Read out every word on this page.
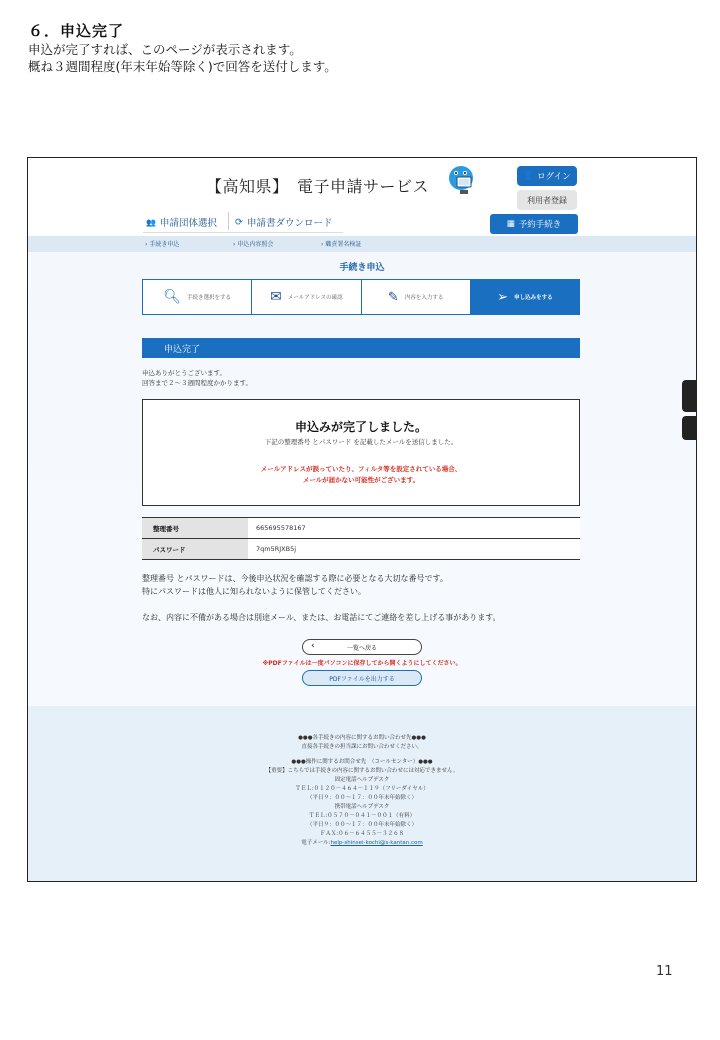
６．申込完了
申込が完了すれば、このページが表示されます。
概ね３週間程度(年末年始等除く)で回答を送付します。
【高知県】　電子申請サービス
👤 ログイン
利用者登録
👥 申請団体選択 ⟳ 申請書ダウンロード	▦ 予約手続き
› 手続き申込	› 申込内容照会	› 職責署名検証
手続き申込
🔍︎ 手続き選択をする	✉ メールアドレスの確認	✎ 内容を入力する	➢ 申し込みをする
申込完了
申込ありがとうございます。
回答まで２～３週間程度かかります。
申込みが完了しました。
下記の整理番号 とパスワード を記載したメールを送信しました。
メールアドレスが誤っていたり、フィルタ等を設定されている場合、
メールが届かない可能性がございます。
整理番号	665695578167
パスワード	7qm5RJXB5j
整理番号 とパスワードは、今後申込状況を確認する際に必要となる大切な番号です。
特にパスワードは他人に知られないように保管してください。
なお、内容に不備がある場合は別途メール、または、お電話にてご連絡を差し上げる事があります。
‹	一覧へ戻る
※PDFファイルは一度パソコンに保存してから開くようにしてください。
PDFファイルを出力する
●●●各手続きの内容に関するお問い合わせ先●●●
直接各手続きの担当課にお問い合わせください。
●●●操作に関するお問合せ先　（コールセンター）●●●
【重要】こちらでは手続きの内容に関するお問い合わせには対応できません。
固定電話ヘルプデスク
ＴＥＬ:０１２０－４６４－１１９（フリーダイヤル）
（平日９：００～１７：００年末年始除く）
携帯電話ヘルプデスク
ＴＥＬ:０５７０－０４１－００１（有料）
（平日９：００～１７：００年末年始除く）
ＦＡＸ:０６－６４５５－３２６８
電子メール:help-shinsei-kochi@s-kantan.com
11
